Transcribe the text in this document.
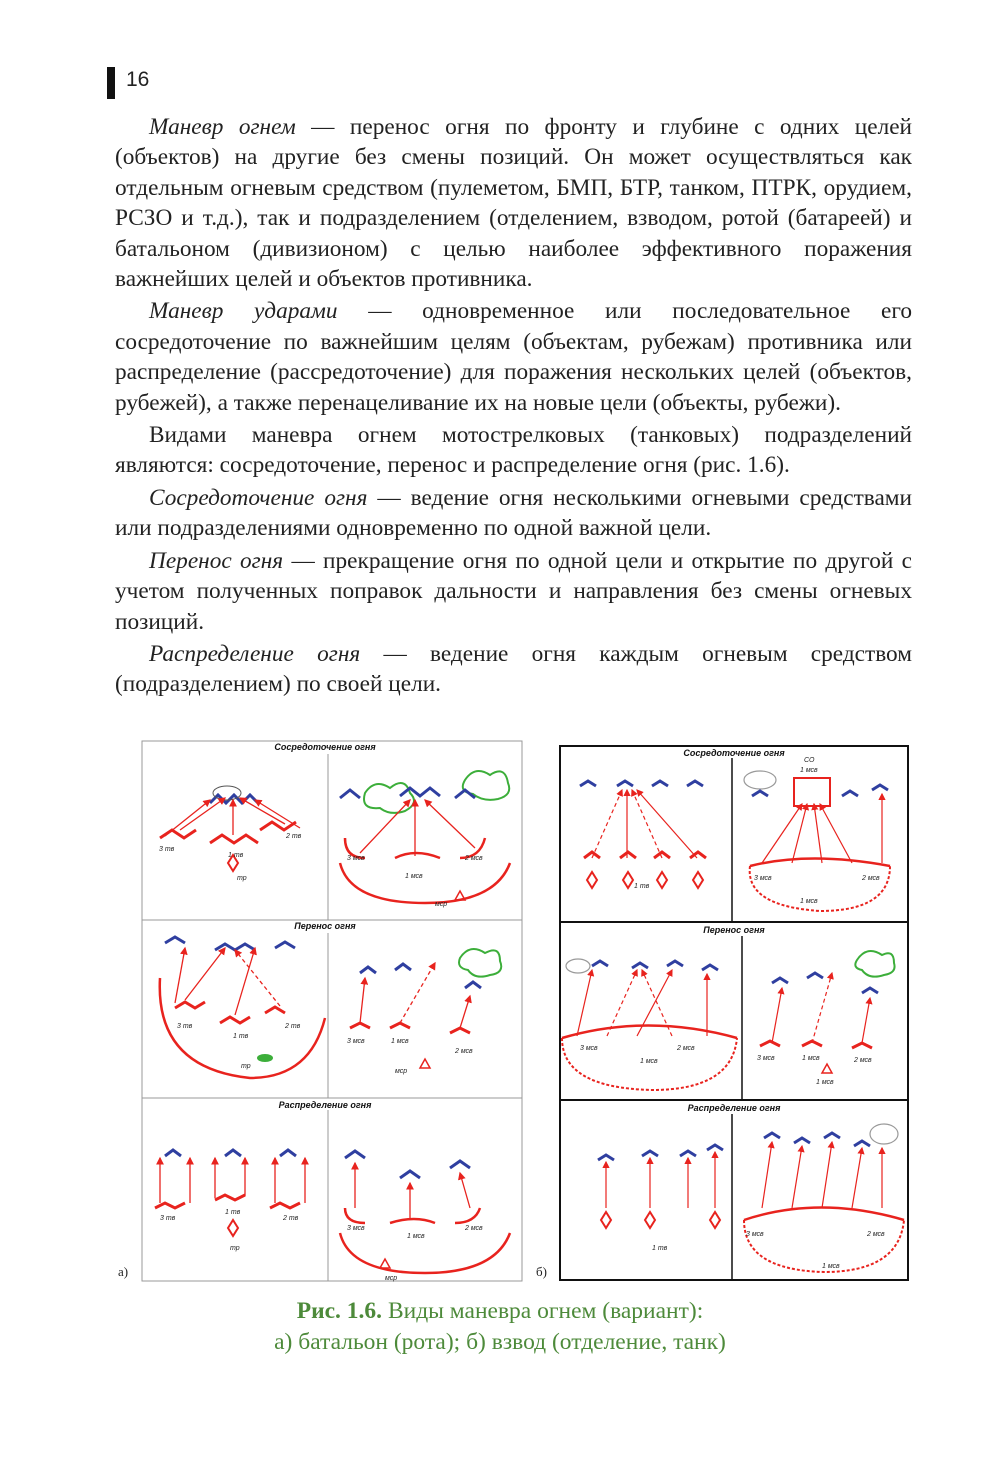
16

Маневр огнем — перенос огня по фронту и глубине с одних целей (объектов) на другие без смены позиций. Он может осуществляться как отдельным огневым средством (пулеметом, БМП, БТР, танком, ПТРК, орудием, РСЗО и т.д.), так и подразделением (отделением, взводом, ротой (батареей) и батальоном (дивизионом) с целью наиболее эффективного поражения важнейших целей и объектов противника.

Маневр ударами — одновременное или последовательное его сосредоточение по важнейшим целям (объектам, рубежам) противника или распределение (рассредоточение) для поражения нескольких целей (объектов, рубежей), а также перенацеливание их на новые цели (объекты, рубежи).

Видами маневра огнем мотострелковых (танковых) подразделений являются: сосредоточение, перенос и распределение огня (рис. 1.6).

Сосредоточение огня — ведение огня несколькими огневыми средствами или подразделениями одновременно по одной важной цели.

Перенос огня — прекращение огня по одной цели и открытие по другой с учетом полученных поправок дальности и направления без смены огневых позиций.

Распределение огня — ведение огня каждым огневым средством (подразделением) по своей цели.

Сосредоточение огня
Перенос огня
Распределение огня
3 тв
1 тв
2 тв
тр
3 мсв
1 мсв
2 мсв
мср
3 тв
1 тв
2 тв
тр
3 мсв	1 мсв
2 мсв
мср
3 тв
1 тв
2 тв
тр
3 мсв
1 мсв
2 мсв
мср
а)
Сосредоточение огня
Перенос огня
Распределение огня
1 тв
СО
1 мсв
3 мсв
1 мсв
2 мсв
3 мсв
1 мсв
2 мсв
3 мсв	1 мсв	2 мсв
1 мсв
1 тв
3 мсв	2 мсв
1 мсв
б)
Рис. 1.6. Виды маневра огнем (вариант):
а) батальон (рота); б) взвод (отделение, танк)
